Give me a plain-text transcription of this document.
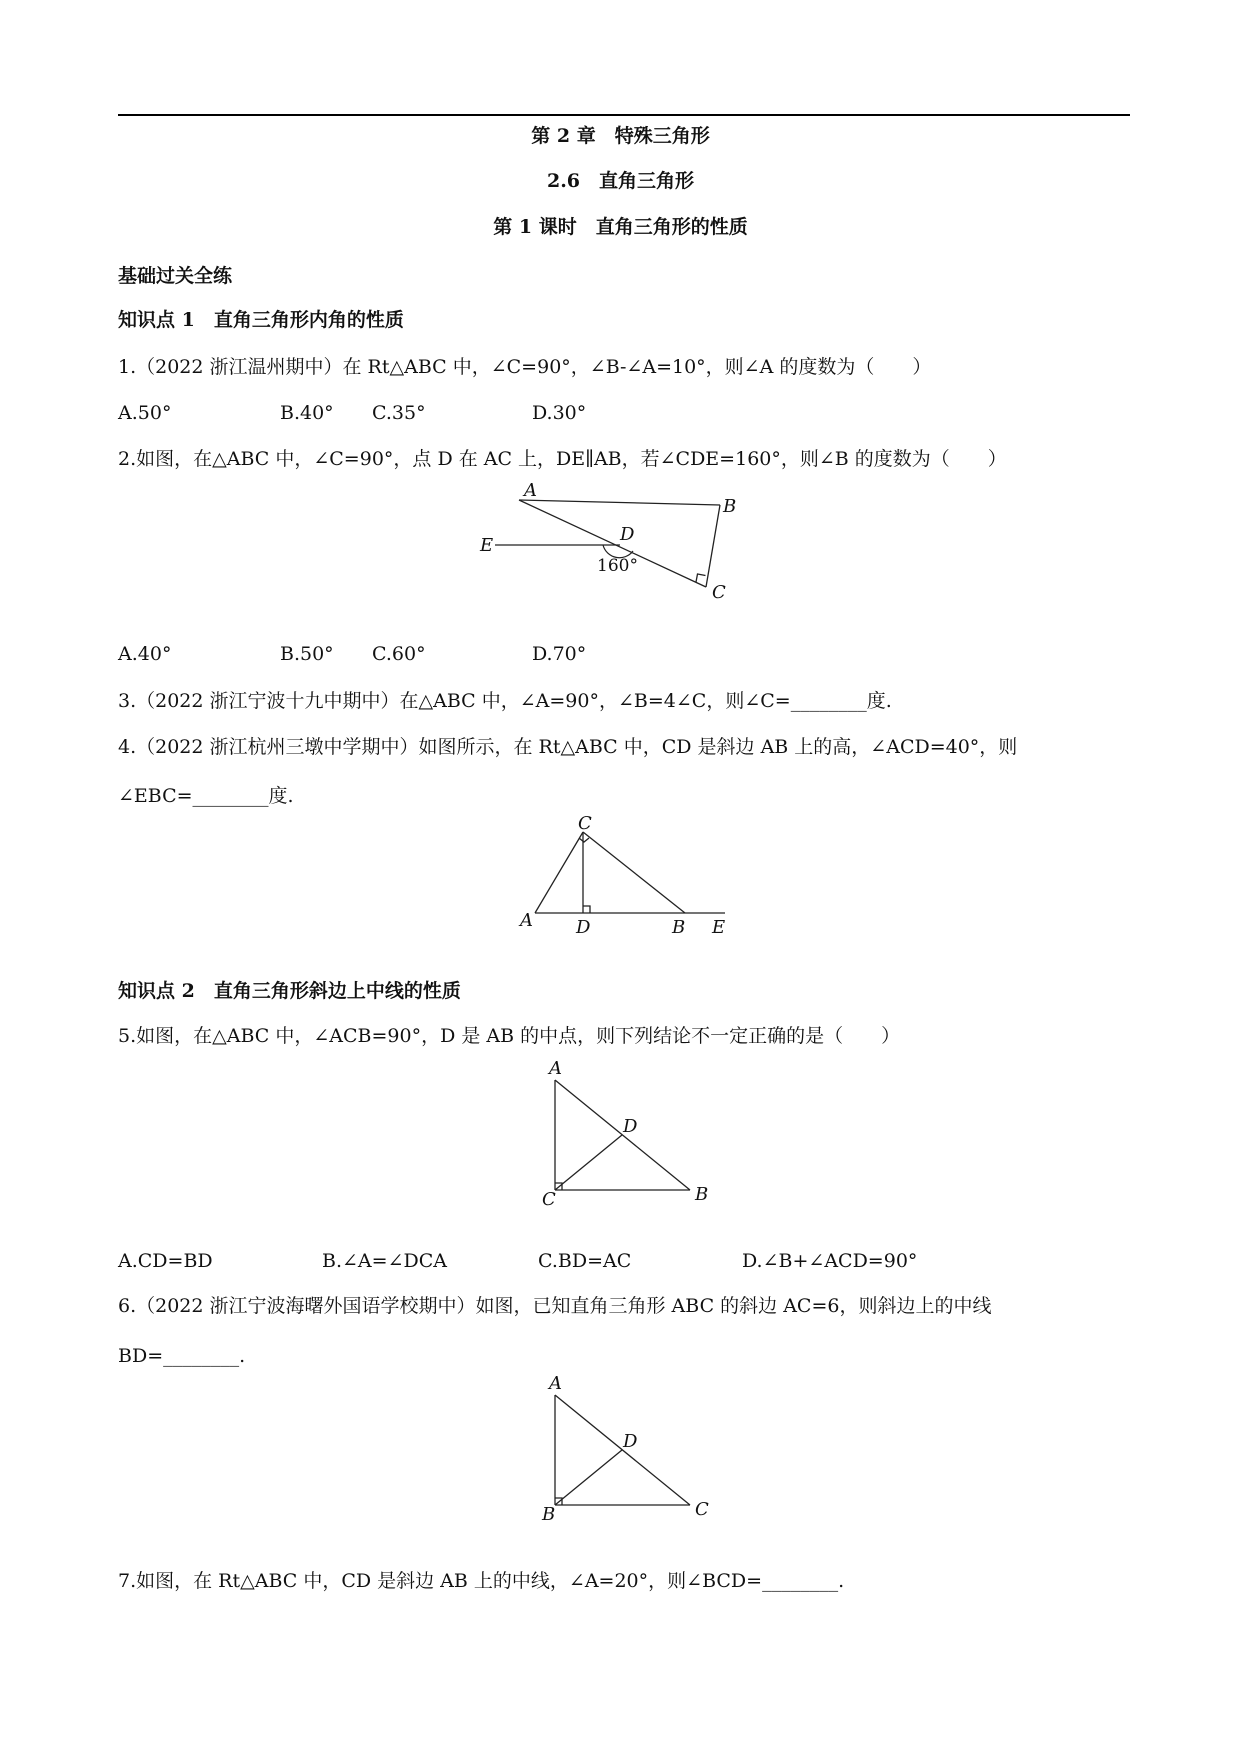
第 2 章　特殊三角形
2.6　直角三角形
第 1 课时　直角三角形的性质
基础过关全练
知识点 1　直角三角形内角的性质
1.（2022 浙江温州期中）在 Rt△ABC 中，∠C=90°，∠B-∠A=10°，则∠A 的度数为（　　）
A.50°	B.40° C.35°	D.30°
2.如图，在△ABC 中，∠C=90°，点 D 在 AC 上，DE∥AB，若∠CDE=160°，则∠B 的度数为（　　）
A
B
C
D
E
160°
A.40°	B.50° C.60°	D.70°
3.（2022 浙江宁波十九中期中）在△ABC 中，∠A=90°，∠B=4∠C，则∠C=________度.
4.（2022 浙江杭州三墩中学期中）如图所示，在 Rt△ABC 中，CD 是斜边 AB 上的高，∠ACD=40°，则
∠EBC=________度.
A D	B E
C
知识点 2　直角三角形斜边上中线的性质
5.如图，在△ABC 中，∠ACB=90°，D 是 AB 的中点，则下列结论不一定正确的是（　　）
A
C	B
D
A.CD=BD	B.∠A=∠DCA	C.BD=AC	D.∠B+∠ACD=90°
6.（2022 浙江宁波海曙外国语学校期中）如图，已知直角三角形 ABC 的斜边 AC=6，则斜边上的中线
BD=________.
A
B	C
D
7.如图，在 Rt△ABC 中，CD 是斜边 AB 上的中线，∠A=20°，则∠BCD=________.
